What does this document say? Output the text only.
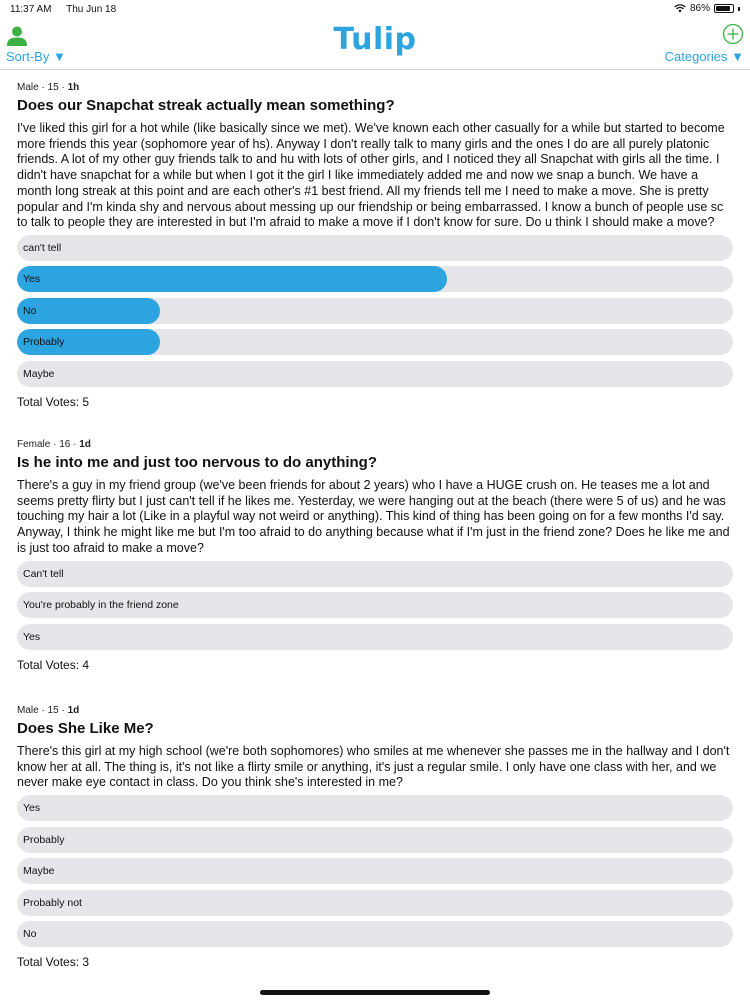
11:37 AM Thu Jun 18	86%
Sort-By ▼	Tulip	Categories ▼
Male · 15 · 1h
Does our Snapchat streak actually mean something?
I've liked this girl for a hot while (like basically since we met). We've known each other casually for a while but started to become more friends this year (sophomore year of hs). Anyway I don't really talk to many girls and the ones I do are all purely platonic friends. A lot of my other guy friends talk to and hu with lots of other girls, and I noticed they all Snapchat with girls all the time. I didn't have snapchat for a while but when I got it the girl I like immediately added me and now we snap a bunch. We have a month long streak at this point and are each other's #1 best friend. All my friends tell me I need to make a move. She is pretty popular and I'm kinda shy and nervous about messing up our friendship or being embarrassed. I know a bunch of people use sc to talk to people they are interested in but I'm afraid to make a move if I don't know for sure. Do u think I should make a move?
can't tell
Yes
No
Probably
Maybe
Total Votes: 5
Female · 16 · 1d
Is he into me and just too nervous to do anything?
There's a guy in my friend group (we've been friends for about 2 years) who I have a HUGE crush on. He teases me a lot and seems pretty flirty but I just can't tell if he likes me. Yesterday, we were hanging out at the beach (there were 5 of us) and he was touching my hair a lot (Like in a playful way not weird or anything). This kind of thing has been going on for a few months I'd say. Anyway, I think he might like me but I'm too afraid to do anything because what if I'm just in the friend zone? Does he like me and is just too afraid to make a move?
Can't tell
You're probably in the friend zone
Yes
Total Votes: 4
Male · 15 · 1d
Does She Like Me?
There's this girl at my high school (we're both sophomores) who smiles at me whenever she passes me in the hallway and I don't know her at all. The thing is, it's not like a flirty smile or anything, it's just a regular smile. I only have one class with her, and we never make eye contact in class. Do you think she's interested in me?
Yes
Probably
Maybe
Probably not
No
Total Votes: 3
